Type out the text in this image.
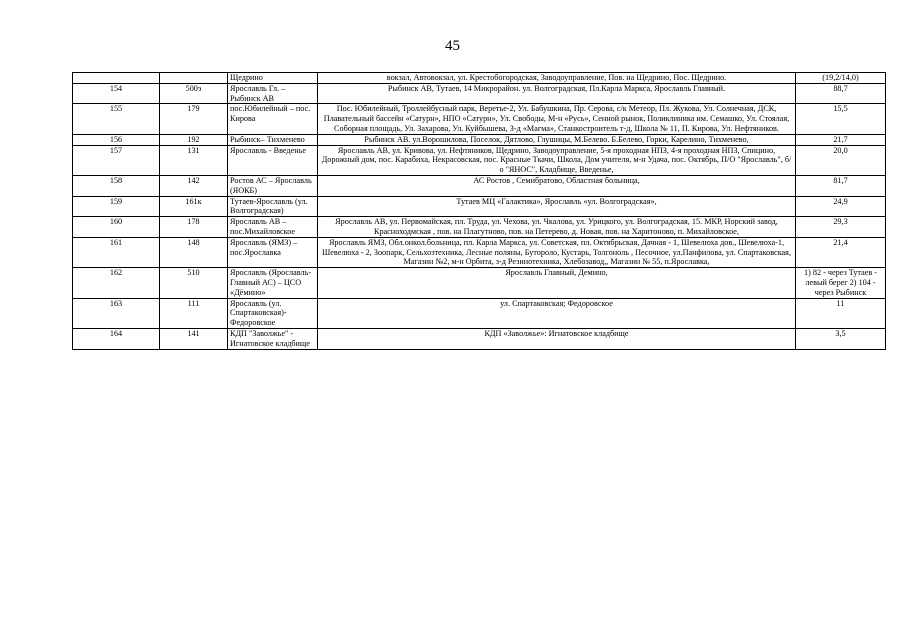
45
		Щедрино	вокзал, Автовокзал, ул. Крестобогородская, Заводоуправление, Пов. на Щедрино, Пос. Щедрино.	(19,2/14,0)
154	500э	Ярославль Гл. – Рыбинск АВ	Рыбинск АВ, Тутаев, 14 Микрорайон. ул. Волгоградская, Пл.Карла Маркса, Ярославль Главный.	88,7
155	179	пос.Юбилейный – пос. Кирова	Пос. Юбилейный, Троллейбусный парк, Веретье-2, Ул. Бабушкина, Пр. Серова, с/к Метеор, Пл. Жукова, Ул. Солнечная, ДСК, Плавательный бассейн «Сатурн», НПО «Сатурн», Ул. Свободы, М-н «Русь», Сенной рынок, Поликлиника им. Семашко, Ул. Стоялая, Соборная площадь, Ул. Захарова, Ул. Куйбышева, З-д «Магма», Станкостроитель т-д, Школа № 11, П. Кирова, Ул. Нефтяников.	15,5
156	192	Рыбинск– Тихменево	Рыбинск АВ. ул.Ворошилова, Поселок, Дятлово, Глушицы, М.Белево. Б.Белево, Горки, Карелино, Тихменево,	21,7
157	131	Ярославль - Введенье	Ярославль АВ, ул. Кривова, ул. Нефтяников, Щедрино, Заводоуправление, 5-я проходная НПЗ, 4-я проходная НПЗ, Спицино, Дорожный дом, пос. Карабиха, Некрасовская, пос. Красные Ткачи, Школа, Дом учителя, м-н Удача, пос. Октябрь, П/О "Ярославль", б/о "ЯНОС", Кладбище, Введенье,	20,0
158	142	Ростов АС – Ярославль (ЯОКБ)	АС Ростов , Семибратово, Областная больница,	81,7
159	161к	Тутаев-Ярославль (ул. Волгоградская)	Тутаев МЦ «Галактика», Ярославль «ул. Волгоградская»,	24,9
160	178	Ярославль АВ – пос.Михайловское	Ярославль АВ, ул. Первомайская, пл. Труда, ул. Чехова, ул. Чкалова, ул. Урицкого, ул. Волгоградская, 15. МКР, Норский завод, Красноходмская , пов. на Плагутново, пов. на Петерево, д. Новая, пов. на Харитоново, п. Михайловское,	29,3
161	148	Ярославль (ЯМЗ) – пос.Ярославка	Ярославль ЯМЗ, Обл.онкол.больница, пл. Карла Маркса, ул. Советская, пл. Октябрьская, Дачная - 1, Шевелюха дов., Шевелюха-1, Шевелюха - 2, Зоопарк, Сельхозтехника, Лесные поляны, Бутороло, Кустарь, Толгоноль , Песочное, ул.Панфилова, ул. Спартаковская, Магазин №2, м-н Орбита, з-д Резинотехника, Хлебозавод,, Магазин № 55, п.Ярославка,	21,4
162	510	Ярославль (Ярославль-Главный АС) – ЦСО «Дёмино»	Ярославль Главный, Демино,	1) 82 - через Тутаев - левый берег 2) 104 - через Рыбинск
163	111	Ярославль (ул. Спартаковская)- Федоровское	ул. Спартаковская; Федоровское	11
164	141	КДП "Заволжье" - Игнатовское кладбище	КДП «Заволжье»: Игнатовское кладбище	3,5
